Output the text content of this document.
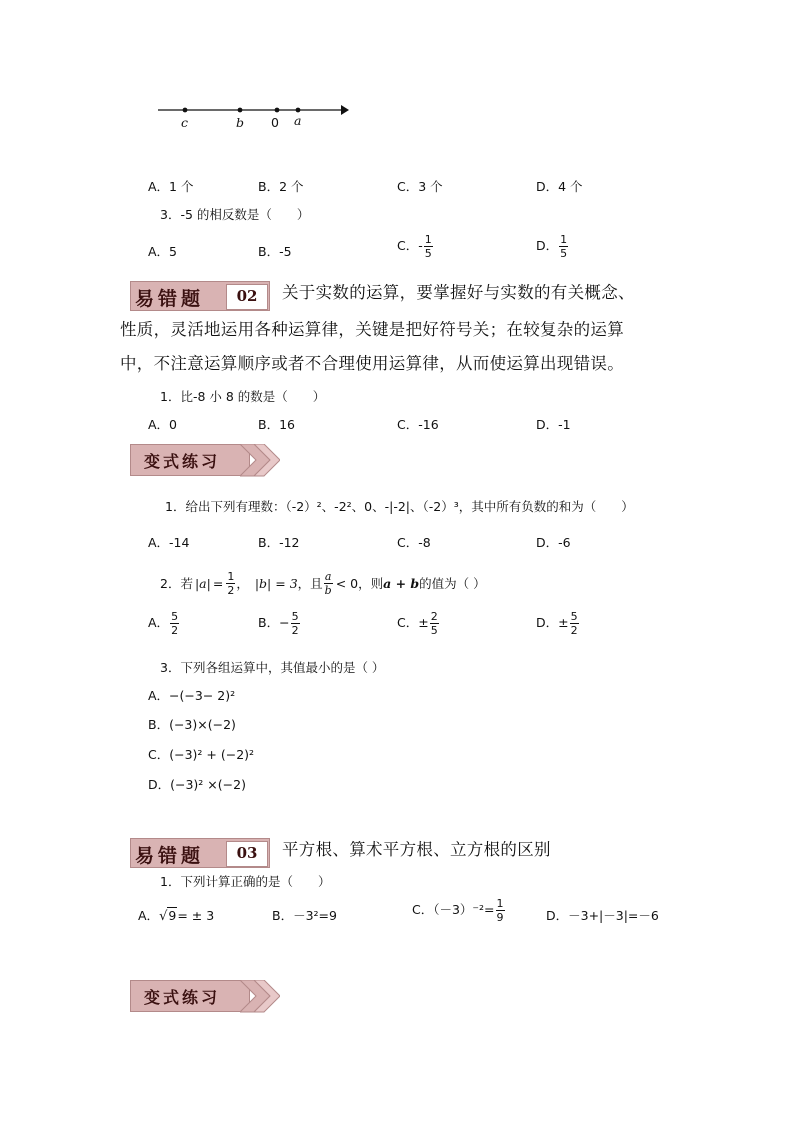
c	b 0 a
A．1 个	B．2 个	C．3 个	D．4 个
3．-5 的相反数是（　　）
A．5	B．-5	C．- $\frac{1}{5}$	D． $\frac{1}{5}$
易错题	02	关于实数的运算，要掌握好与实数的有关概念、
性质，灵活地运用各种运算律，关键是把好符号关；在较复杂的运算
中，不注意运算顺序或者不合理使用运算律，从而使运算出现错误。
1．比-8 小 8 的数是（　　）
A．0	B．16	C．-16	D．-1
变式练习
1．给出下列有理数：（-2）²、-2²、0、-|-2|、（-2）³，其中所有负数的和为（　　）
A．-14	B．-12	C．-8	D．-6
2．若 $|a| = \frac{1}{2}$ ， |b| = 3 ，且 $\frac{a}{b} < 0$ ，则 a + b 的值为（ ）
A． $\frac{5}{2}$	B．− $\frac{5}{2}$	C．± $\frac{2}{5}$	D．± $\frac{5}{2}$
3．下列各组运算中，其值最小的是（ ）
A．−(−3− 2)²
B．(−3)×(−2)
C．(−3)² + (−2)²
D．(−3)² ×(−2)
易错题	03	平方根、算术平方根、立方根的区别
1．下列计算正确的是（　　）
A．√9= ± 3	B．－3²=9	C．$(-3)^{-2}= \frac{1}{9}$	D．－3+|－3|=－6
变式练习
